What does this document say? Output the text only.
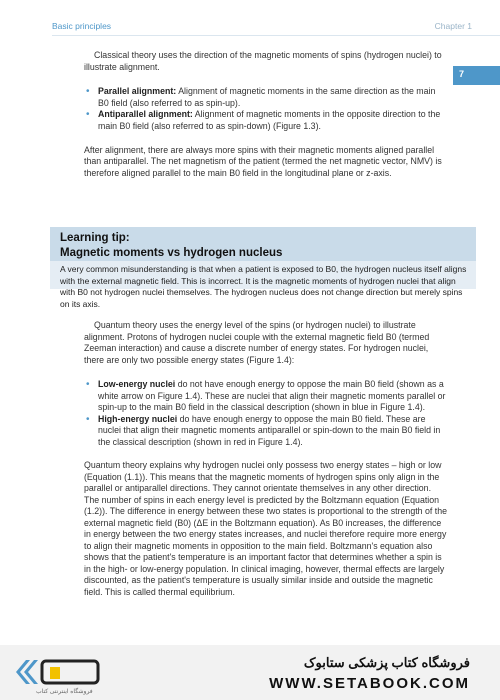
Basic principles	Chapter 1
7

Classical theory uses the direction of the magnetic moments of spins (hydrogen nuclei) to illustrate alignment.

• Parallel alignment: Alignment of magnetic moments in the same direction as the main B0 field (also referred to as spin-up).
• Antiparallel alignment: Alignment of magnetic moments in the opposite direction to the main B0 field (also referred to as spin-down) (Figure 1.3).

After alignment, there are always more spins with their magnetic moments aligned parallel than antiparallel. The net magnetism of the patient (termed the net magnetic vector, NMV) is therefore aligned parallel to the main B0 field in the longitudinal plane or z-axis.

Learning tip:
Magnetic moments vs hydrogen nucleus
A very common misunderstanding is that when a patient is exposed to B0, the hydrogen nucleus itself aligns with the external magnetic field. This is incorrect. It is the magnetic moments of hydrogen nuclei that align with B0 not hydrogen nuclei themselves. The hydrogen nucleus does not change direction but merely spins on its axis.

Quantum theory uses the energy level of the spins (or hydrogen nuclei) to illustrate alignment. Protons of hydrogen nuclei couple with the external magnetic field B0 (termed Zeeman interaction) and cause a discrete number of energy states. For hydrogen nuclei, there are only two possible energy states (Figure 1.4):

• Low-energy nuclei do not have enough energy to oppose the main B0 field (shown as a white arrow on Figure 1.4). These are nuclei that align their magnetic moments parallel or spin-up to the main B0 field in the classical description (shown in blue in Figure 1.4).
• High-energy nuclei do have enough energy to oppose the main B0 field. These are nuclei that align their magnetic moments antiparallel or spin-down to the main B0 field in the classical description (shown in red in Figure 1.4).

Quantum theory explains why hydrogen nuclei only possess two energy states – high or low (Equation (1.1)). This means that the magnetic moments of hydrogen spins only align in the parallel or antiparallel directions. They cannot orientate themselves in any other direction. The number of spins in each energy level is predicted by the Boltzmann equation (Equation (1.2)). The difference in energy between these two states is proportional to the strength of the external magnetic field (B0) (ΔE in the Boltzmann equation). As B0 increases, the difference in energy between the two energy states increases, and nuclei therefore require more energy to align their magnetic moments in opposition to the main field. Boltzmann's equation also shows that the patient's temperature is an important factor that determines whether a spin is in the high- or low-energy population. In clinical imaging, however, thermal effects are largely discounted, as the patient's temperature is usually similar inside and outside the magnetic field. This is called thermal equilibrium.

فروشگاه اینترنتی کتاب
فروشگاه کتاب پزشکی ستابوک
WWW.SETABOOK.COM
